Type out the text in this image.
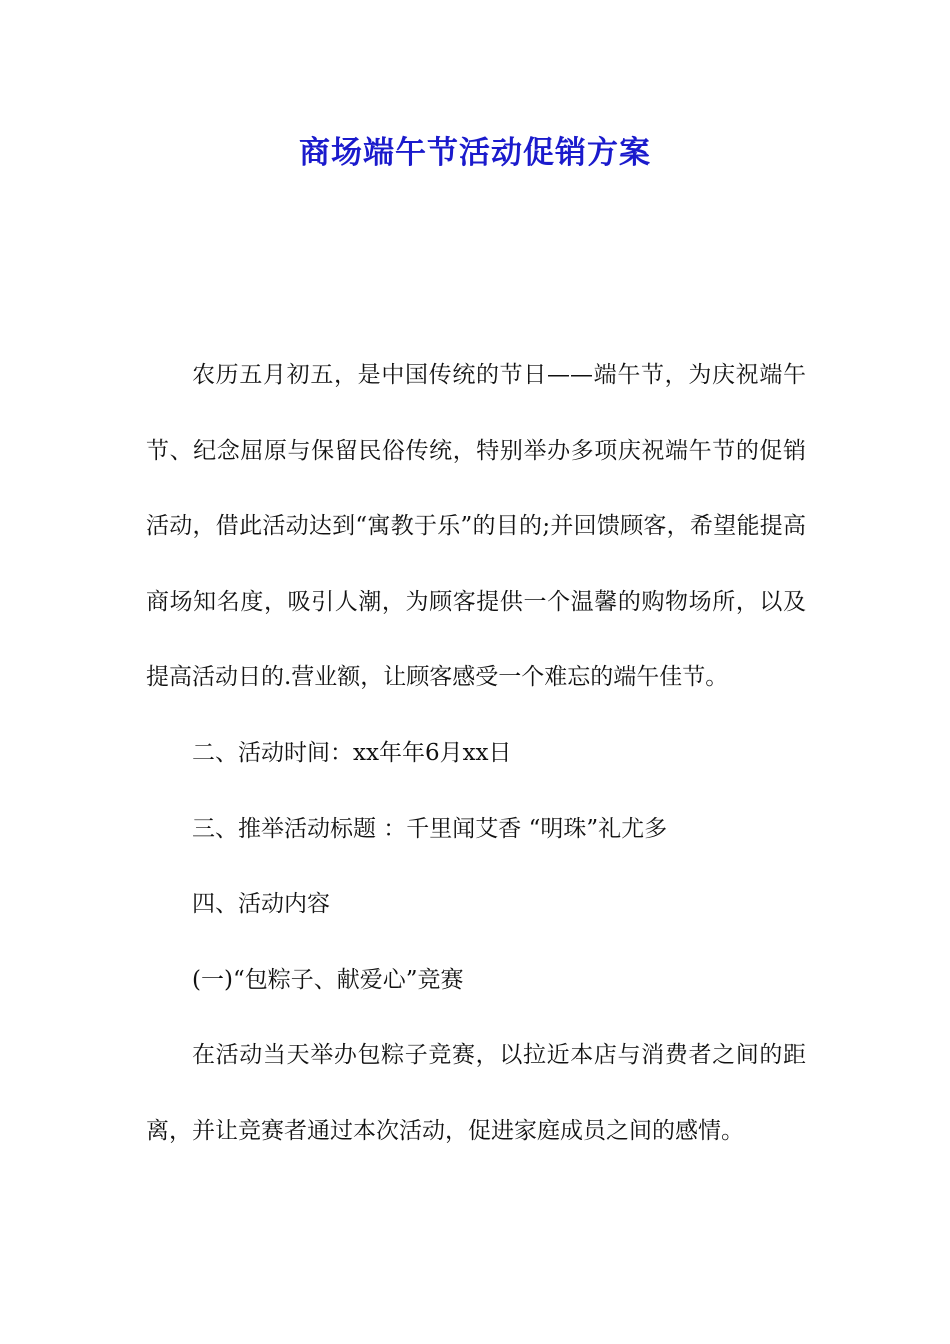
商场端午节活动促销方案

农历五月初五，是中国传统的节日——端午节，为庆祝端午节、纪念屈原与保留民俗传统，特别举办多项庆祝端午节的促销活动，借此活动达到“寓教于乐”的目的;并回馈顾客，希望能提高商场知名度，吸引人潮，为顾客提供一个温馨的购物场所，以及提高活动日的.营业额，让顾客感受一个难忘的端午佳节。

二、活动时间：xx年年6月xx日

三、推举活动标题 ：千里闻艾香 “明珠”礼尤多

四、活动内容

(一)“包粽子、献爱心”竞赛

在活动当天举办包粽子竞赛，以拉近本店与消费者之间的距离，并让竞赛者通过本次活动，促进家庭成员之间的感情。
